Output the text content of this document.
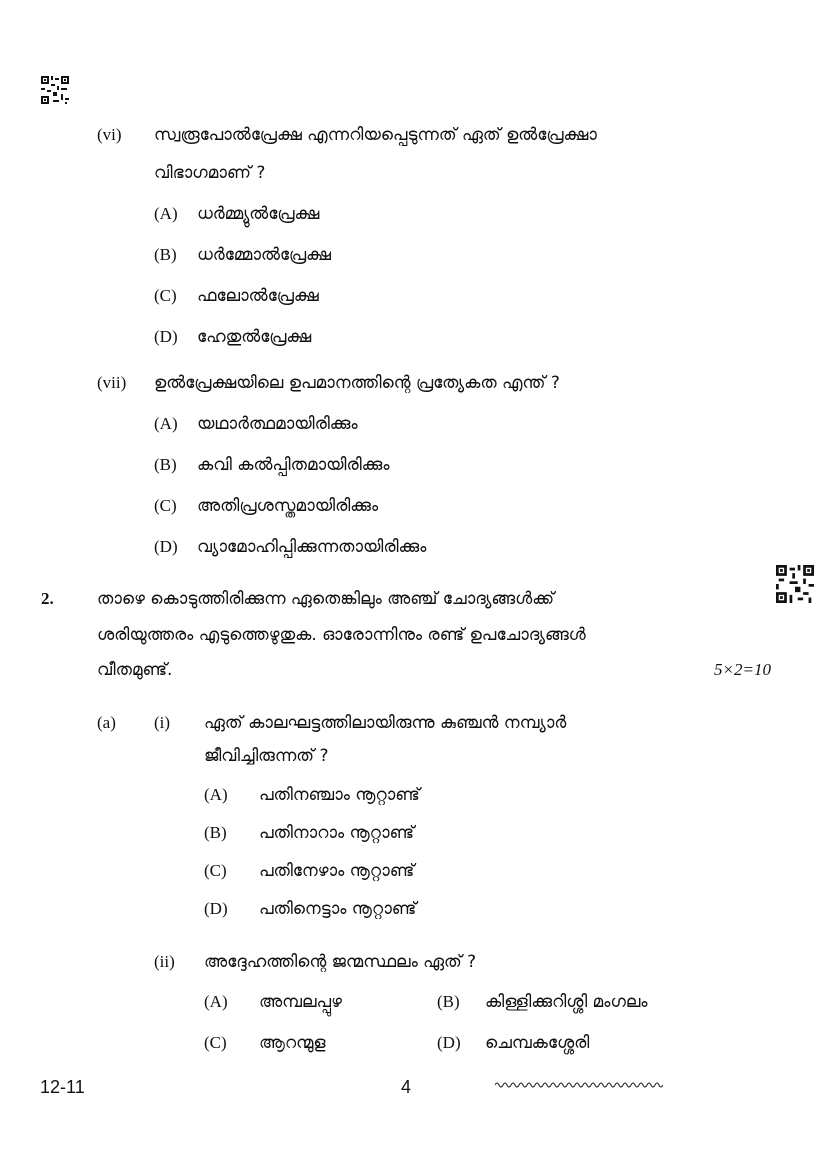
(vi) സ്വരൂപോൽപ്രേക്ഷ എന്നറിയപ്പെടുന്നത് ഏത് ഉൽപ്രേക്ഷാ
വിഭാഗമാണ് ?
(A) ധർമ്മ്യുൽപ്രേക്ഷ
(B) ധർമ്മോൽപ്രേക്ഷ
(C) ഫലോൽപ്രേക്ഷ
(D) ഹേതുൽപ്രേക്ഷ
(vii) ഉൽപ്രേക്ഷയിലെ ഉപമാനത്തിന്റെ പ്രത്യേകത എന്ത് ?
(A) യഥാർത്ഥമായിരിക്കും
(B) കവി കൽപ്പിതമായിരിക്കും
(C) അതിപ്രശസ്തമായിരിക്കും
(D) വ്യാമോഹിപ്പിക്കുന്നതായിരിക്കും
2.	താഴെ കൊടുത്തിരിക്കുന്ന ഏതെങ്കിലും അഞ്ച് ചോദ്യങ്ങൾക്ക്
ശരിയുത്തരം എടുത്തെഴുതുക. ഓരോന്നിനും രണ്ട് ഉപചോദ്യങ്ങൾ
വീതമുണ്ട്.	5×2=10
(a) (i) ഏത് കാലഘട്ടത്തിലായിരുന്നു കുഞ്ചൻ നമ്പ്യാർ
ജീവിച്ചിരുന്നത് ?
(A) പതിനഞ്ചാം നൂറ്റാണ്ട്
(B) പതിനാറാം നൂറ്റാണ്ട്
(C) പതിനേഴാം നൂറ്റാണ്ട്
(D) പതിനെട്ടാം നൂറ്റാണ്ട്
(ii) അദ്ദേഹത്തിന്റെ ജന്മസ്ഥലം ഏത് ?
(A) അമ്പലപ്പുഴ	(B) കിള്ളിക്കുറിശ്ശി മംഗലം
(C) ആറന്മുള	(D) ചെമ്പകശ്ശേരി
12-11	4
